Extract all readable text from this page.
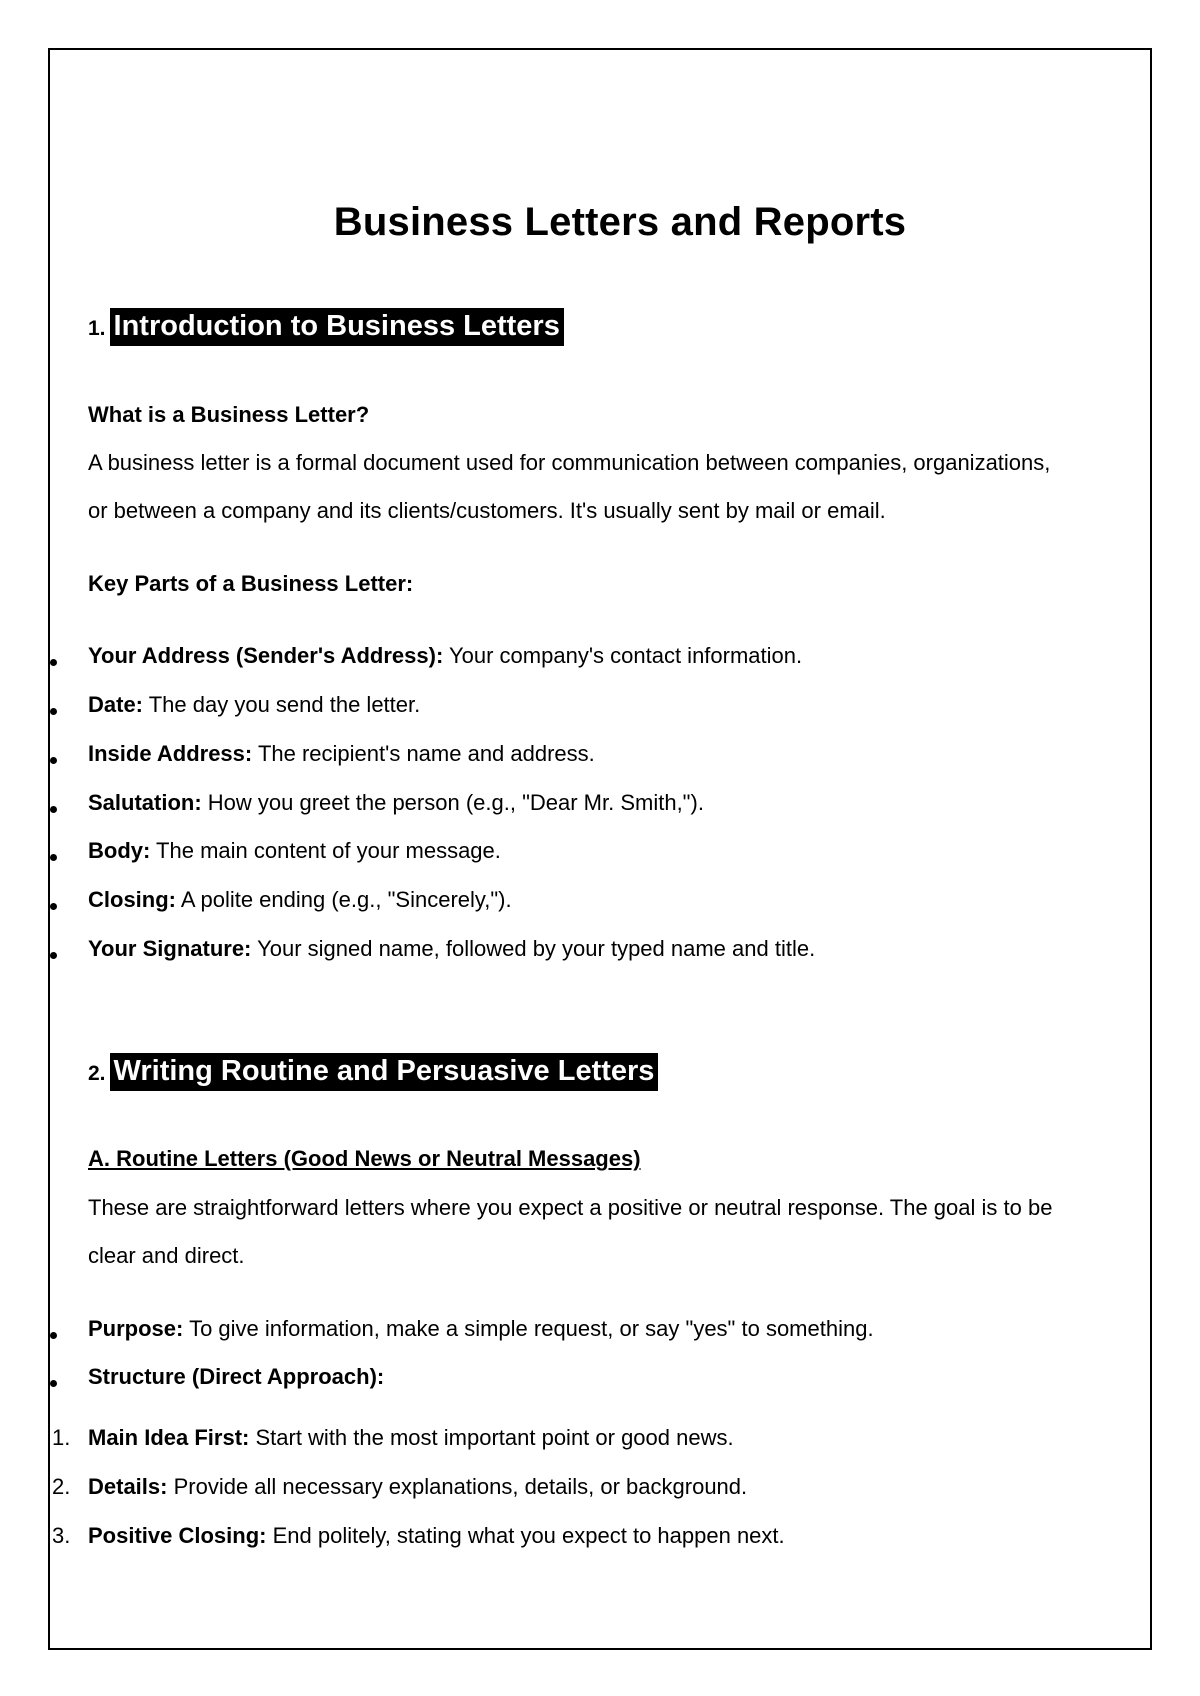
Business Letters and Reports
1. Introduction to Business Letters

What is a Business Letter?

A business letter is a formal document used for communication between companies, organizations,

or between a company and its clients/customers. It's usually sent by mail or email.

Key Parts of a Business Letter:

Your Address (Sender's Address): Your company's contact information.

Date: The day you send the letter.

Inside Address: The recipient's name and address.

Salutation: How you greet the person (e.g., "Dear Mr. Smith,").

Body: The main content of your message.

Closing: A polite ending (e.g., "Sincerely,").

Your Signature: Your signed name, followed by your typed name and title.

2. Writing Routine and Persuasive Letters

A. Routine Letters (Good News or Neutral Messages)

These are straightforward letters where you expect a positive or neutral response. The goal is to be

clear and direct.

Purpose: To give information, make a simple request, or say "yes" to something.

Structure (Direct Approach):

1. Main Idea First: Start with the most important point or good news.

2. Details: Provide all necessary explanations, details, or background.

3. Positive Closing: End politely, stating what you expect to happen next.
